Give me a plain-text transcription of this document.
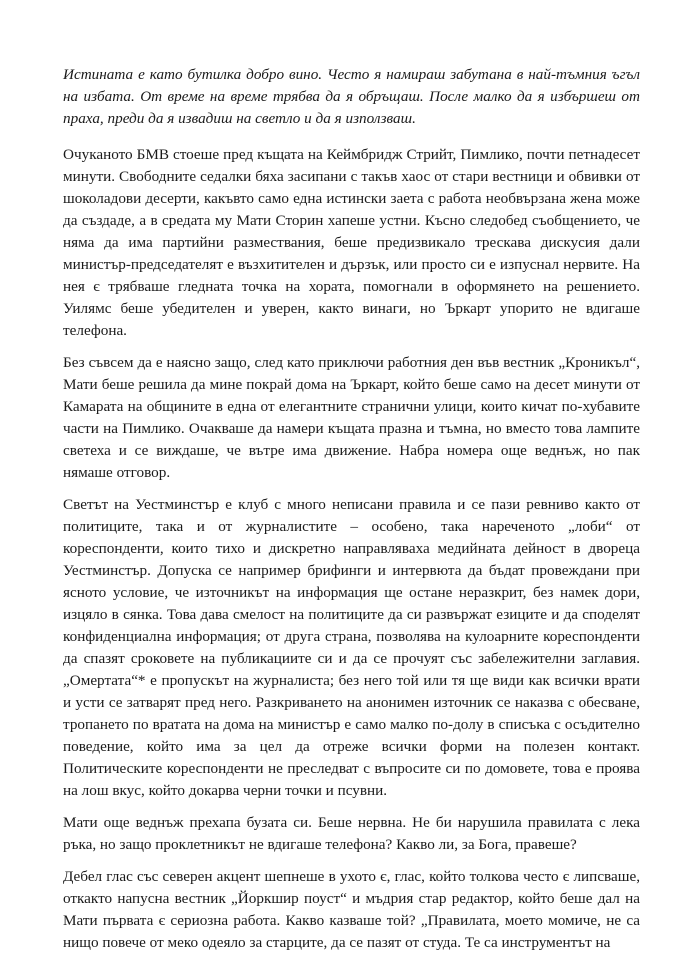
Истината е като бутилка добро вино. Често я намираш забутана в най-тъмния ъгъл на избата. От време на време трябва да я обръщаш. После малко да я избършеш от праха, преди да я извадиш на светло и да я използваш.

Очуканото БМВ стоеше пред къщата на Кеймбридж Стрийт, Пимлико, почти петнадесет минути. Свободните седалки бяха засипани с такъв хаос от стари вестници и обвивки от шоколадови десерти, какъвто само една истински заета с работа необвързана жена може да създаде, а в средата му Мати Сторин хапеше устни. Късно следобед съобщението, че няма да има партийни размествания, беше предизвикало трескава дискусия дали министър-председателят е възхитителен и дързък, или просто си е изпуснал нервите. На нея є трябваше гледната точка на хората, помогнали в оформянето на решението. Уилямс беше убедителен и уверен, както винаги, но Ъркарт упорито не вдигаше телефона.

Без съвсем да е наясно защо, след като приключи работния ден във вестник „Кроникъл“, Мати беше решила да мине покрай дома на Ъркарт, който беше само на десет минути от Камарата на общините в една от елегантните странични улици, които кичат по-хубавите части на Пимлико. Очакваше да намери къщата празна и тъмна, но вместо това лампите светеха и се виждаше, че вътре има движение. Набра номера още веднъж, но пак нямаше отговор.

Светът на Уестминстър е клуб с много неписани правила и се пази ревниво както от политиците, така и от журналистите – особено, така нареченото „лоби“ от кореспонденти, които тихо и дискретно направляваха медийната дейност в двореца Уестминстър. Допуска се например брифинги и интервюта да бъдат провеждани при ясното условие, че източникът на информация ще остане неразкрит, без намек дори, изцяло в сянка. Това дава смелост на политиците да си развържат езиците и да споделят конфиденциална информация; от друга страна, позволява на кулоарните кореспонденти да спазят сроковете на публикациите си и да се прочуят със забележителни заглавия. „Омертата“* е пропускът на журналиста; без него той или тя ще види как всички врати и усти се затварят пред него. Разкриването на анонимен източник се наказва с обесване, тропането по вратата на дома на министър е само малко по-долу в списъка с осъдително поведение, който има за цел да отреже всички форми на полезен контакт. Политическите кореспонденти не преследват с въпросите си по домовете, това е проява на лош вкус, който докарва черни точки и псувни.

Мати още веднъж прехапа бузата си. Беше нервна. Не би нарушила правилата с лека ръка, но защо проклетникът не вдигаше телефона? Какво ли, за Бога, правеше?

Дебел глас със северен акцент шепнеше в ухото є, глас, който толкова често є липсваше, откакто напусна вестник „Йоркшир поуст“ и мъдрия стар редактор, който беше дал на Мати първата є сериозна работа. Какво казваше той? „Правилата, моето момиче, не са нищо повече от меко одеяло за старците, да се пазят от студа. Те са инструментът на
